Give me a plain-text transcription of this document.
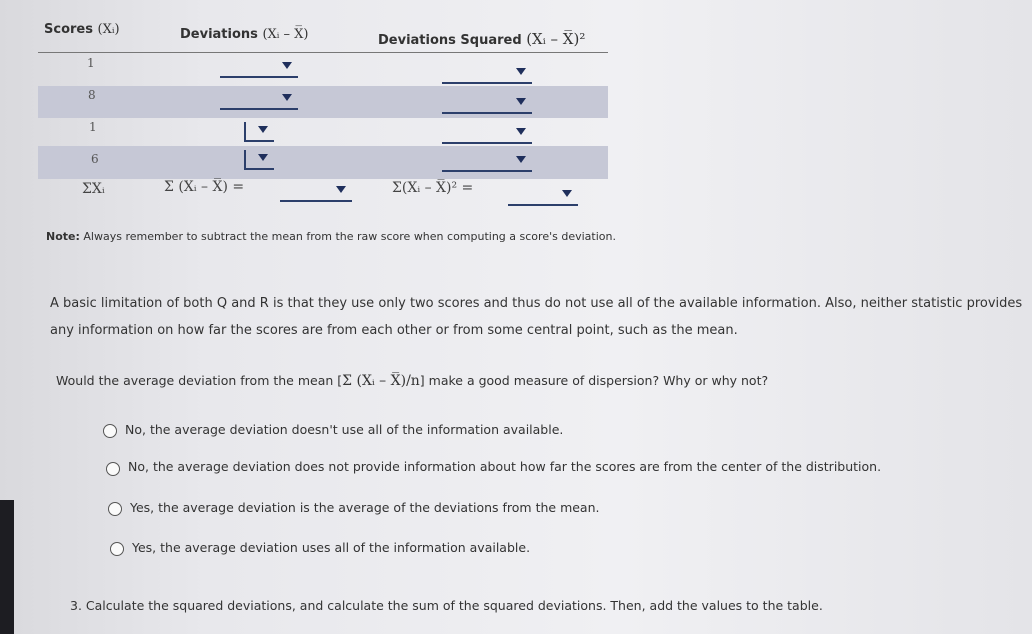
Scores (Xᵢ)	Deviations (Xᵢ – X̅)	Deviations Squared (Xᵢ – X̅)²
1
8
1
6
ΣXᵢ	Σ (Xᵢ – X̅) =	Σ(Xᵢ – X̅)² =
Note: Always remember to subtract the mean from the raw score when computing a score's deviation.
A basic limitation of both Q and R is that they use only two scores and thus do not use all of the available information. Also, neither statistic provides
any information on how far the scores are from each other or from some central point, such as the mean.
Would the average deviation from the mean [Σ (Xᵢ – X̅)/n] make a good measure of dispersion? Why or why not?
No, the average deviation doesn't use all of the information available.
No, the average deviation does not provide information about how far the scores are from the center of the distribution.
Yes, the average deviation is the average of the deviations from the mean.
Yes, the average deviation uses all of the information available.
3. Calculate the squared deviations, and calculate the sum of the squared deviations. Then, add the values to the table.
